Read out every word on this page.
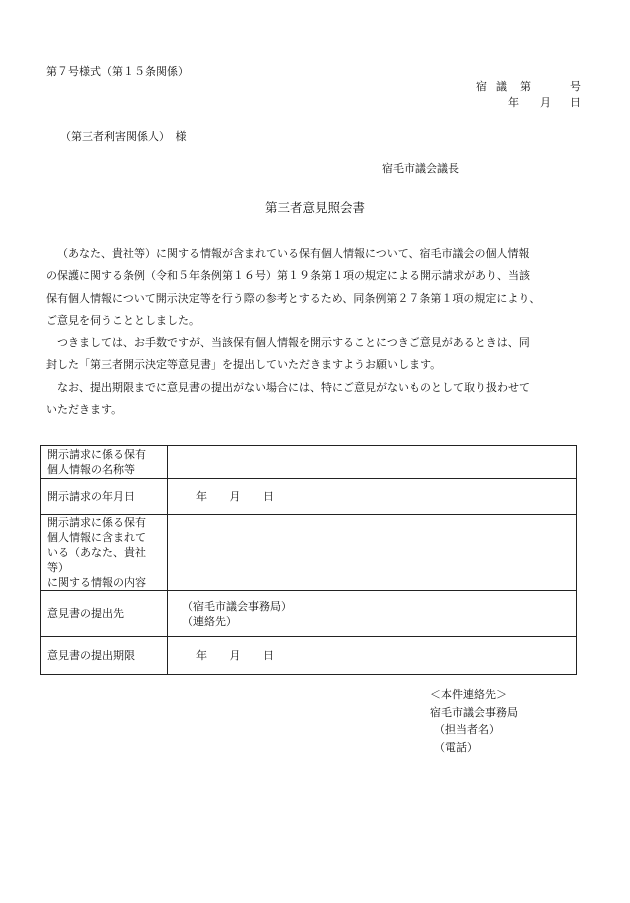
第７号様式（第１５条関係）
宿 議 第	号
年 月 日
（第三者利害関係人）　様
宿毛市議会議長
第三者意見照会書

（あなた、貴社等）に関する情報が含まれている保有個人情報について、宿毛市議会の個人情報

の保護に関する条例（令和５年条例第１６号）第１９条第１項の規定による開示請求があり、当該

保有個人情報について開示決定等を行う際の参考とするため、同条例第２７条第１項の規定により、

ご意見を伺うこととしました。

つきましては、お手数ですが、当該保有個人情報を開示することにつきご意見があるときは、同

封した「第三者開示決定等意見書」を提出していただきますようお願いします。

なお、提出期限までに意見書の提出がない場合には、特にご意見がないものとして取り扱わせて

いただきます。

開示請求に係る保有
個人情報の名称等	

開示請求の年月日	年 月 日

開示請求に係る保有
個人情報に含まれて
いる（あなた、貴社等）
に関する情報の内容	

意見書の提出先	（宿毛市議会事務局）
（連絡先）

意見書の提出期限	年 月 日
＜本件連絡先＞
宿毛市議会事務局
（担当者名）
（電話）
